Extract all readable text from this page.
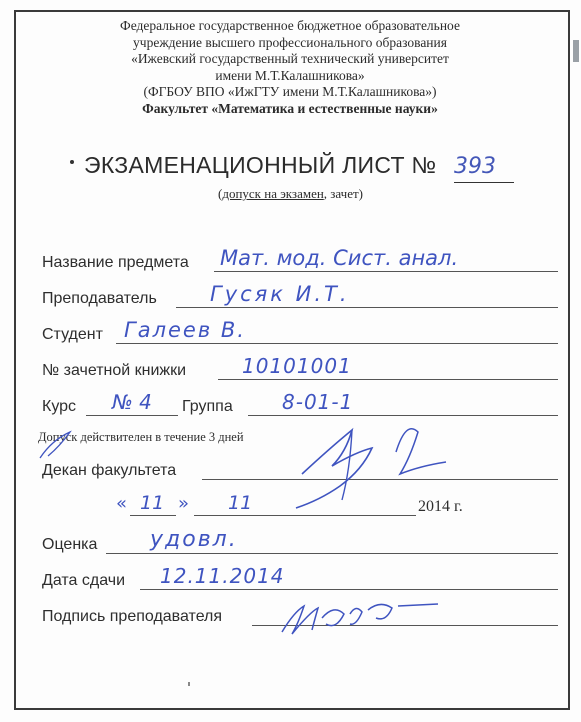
Федеральное государственное бюджетное образовательное
учреждение высшего профессионального образования
«Ижевский государственный технический университет
имени М.Т.Калашникова»
(ФГБОУ ВПО «ИжГТУ имени М.Т.Калашникова»)
Факультет «Математика и естественные науки»
ЭКЗАМЕНАЦИОННЫЙ ЛИСТ № 393
(допуск на экзамен, зачет)
Название предмета Мат. мод. Сист. анал.
Преподаватель	Гусяк И.Т.
Студент Галеев В.
№ зачетной книжки	10101001
Курс № 4 Группа 8-01-1
Допуск действителен в течение 3 дней
Декан факультета
« 11 » 11	2014 г.
Оценка удовл.
Дата сдачи 12.11.2014
Подпись преподавателя
